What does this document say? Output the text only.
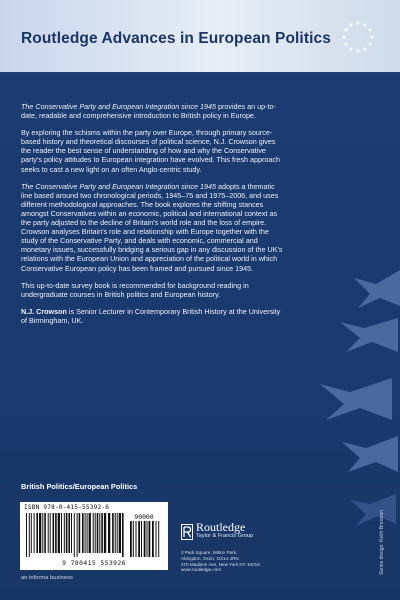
Routledge Advances in European Politics

The Conservative Party and European Integration since 1945 provides an up-to-date, readable and comprehensive introduction to British policy in Europe.

By exploring the schisms within the party over Europe, through primary source-based history and theoretical discourses of political science, N.J. Crowson gives the reader the best sense of understanding of how and why the Conservative party's policy attitudes to European integration have evolved. This fresh approach seeks to cast a new light on an often Anglo-centric study.

The Conservative Party and European Integration since 1945 adopts a thematic line based around two chronological periods, 1945–75 and 1975–2006, and uses different methodological approaches. The book explores the shifting stances amongst Conservatives within an economic, political and international context as the party adjusted to the decline of Britain's world role and the loss of empire. Crowson analyses Britain's role and relationship with Europe together with the study of the Conservative Party, and deals with economic, commercial and monetary issues, successfully bridging a serious gap in any discussion of the UK's relations with the European Union and appreciation of the political world in which Conservative European policy has been framed and pursued since 1945.

This up-to-date survey book is recommended for background reading in undergraduate courses in British politics and European history.

N.J. Crowson is Senior Lecturer in Contemporary British History at the University of Birmingham, UK.

British Politics/European Politics
ISBN 978-0-415-55392-6
90000
9 780415 553926
an informa business
Routledge
Taylor & Francis Group
2 Park Square, Milton Park,
Abingdon, Oxon, OX14 4RN
270 Madison Ave, New York NY 10016
www.routledge.com	Series design: Keith Brereton
